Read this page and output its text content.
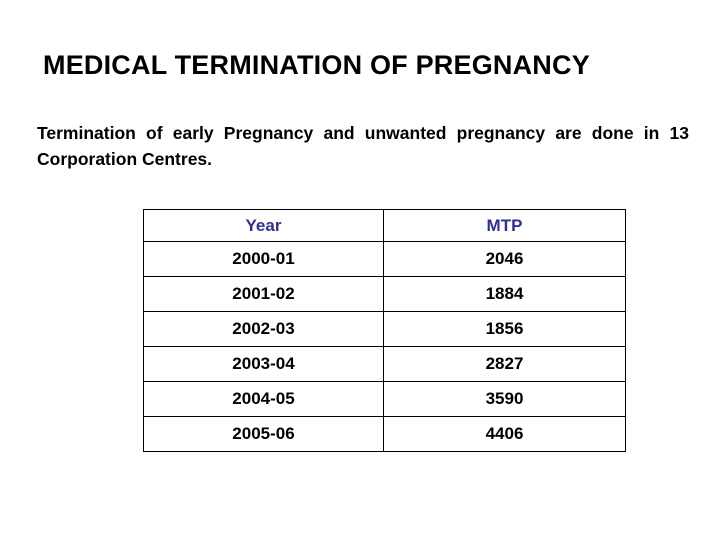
MEDICAL TERMINATION OF PREGNANCY

Termination of early Pregnancy and unwanted pregnancy are done in 13 Corporation Centres.

Year	MTP
2000-01	2046
2001-02	1884
2002-03	1856
2003-04	2827
2004-05	3590
2005-06	4406
